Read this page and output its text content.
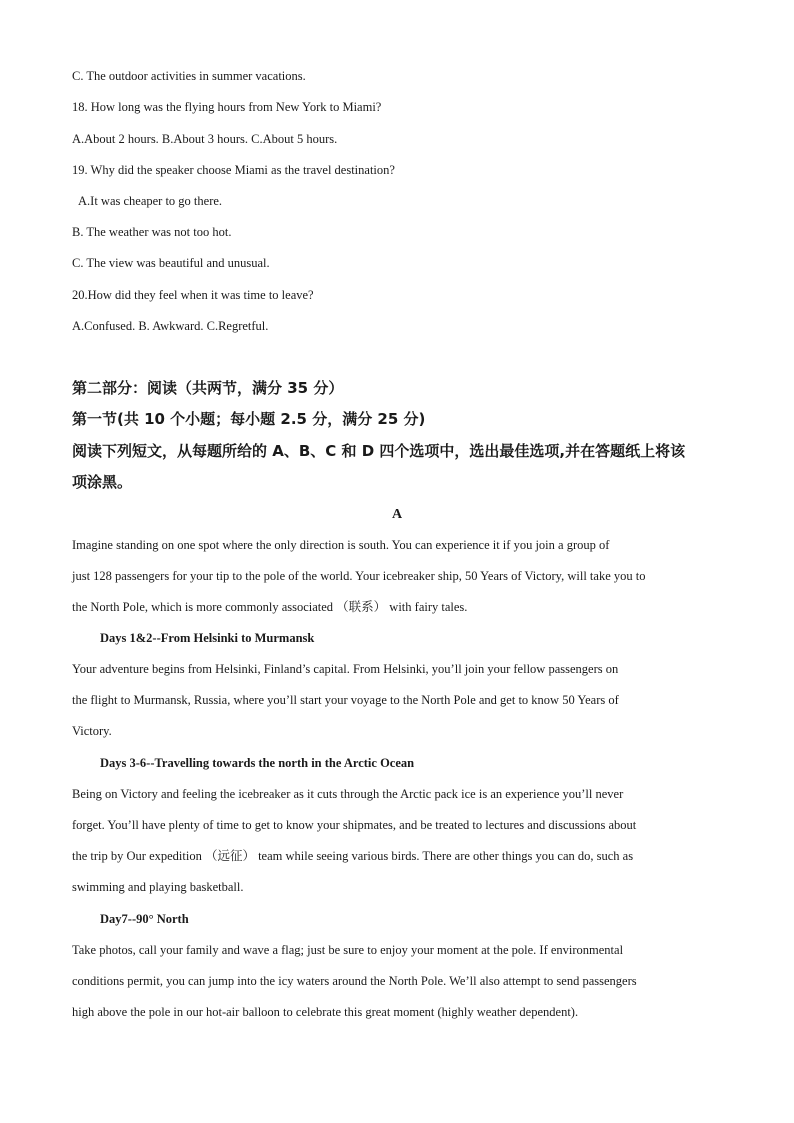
C. The outdoor activities in summer vacations.
18. How long was the flying hours from New York to Miami?
A.About 2 hours. B.About 3 hours. C.About 5 hours.
19. Why did the speaker choose Miami as the travel destination?
A.It was cheaper to go there.
B. The weather was not too hot.
C. The view was beautiful and unusual.
20.How did they feel when it was time to leave?
A.Confused. B. Awkward. C.Regretful.
第二部分：阅读（共两节，满分 35 分）
第一节(共 10 个小题；每小题 2.5 分，满分 25 分)
阅读下列短文，从每题所给的 A、B、C 和 D 四个选项中，选出最佳选项,并在答题纸上将该
项涂黑。
A
Imagine standing on one spot where the only direction is south. You can experience it if you join a group of
just 128 passengers for your tip to the pole of the world. Your icebreaker ship, 50 Years of Victory, will take you to
the North Pole, which is more commonly associated （联系） with fairy tales.
Days 1&2--From Helsinki to Murmansk
Your adventure begins from Helsinki, Finland’s capital. From Helsinki, you’ll join your fellow passengers on
the flight to Murmansk, Russia, where you’ll start your voyage to the North Pole and get to know 50 Years of
Victory.
Days 3-6--Travelling towards the north in the Arctic Ocean
Being on Victory and feeling the icebreaker as it cuts through the Arctic pack ice is an experience you’ll never
forget. You’ll have plenty of time to get to know your shipmates, and be treated to lectures and discussions about
the trip by Our expedition （远征） team while seeing various birds. There are other things you can do, such as
swimming and playing basketball.
Day7--90° North
Take photos, call your family and wave a flag; just be sure to enjoy your moment at the pole. If environmental
conditions permit, you can jump into the icy waters around the North Pole. We’ll also attempt to send passengers
high above the pole in our hot-air balloon to celebrate this great moment (highly weather dependent).
